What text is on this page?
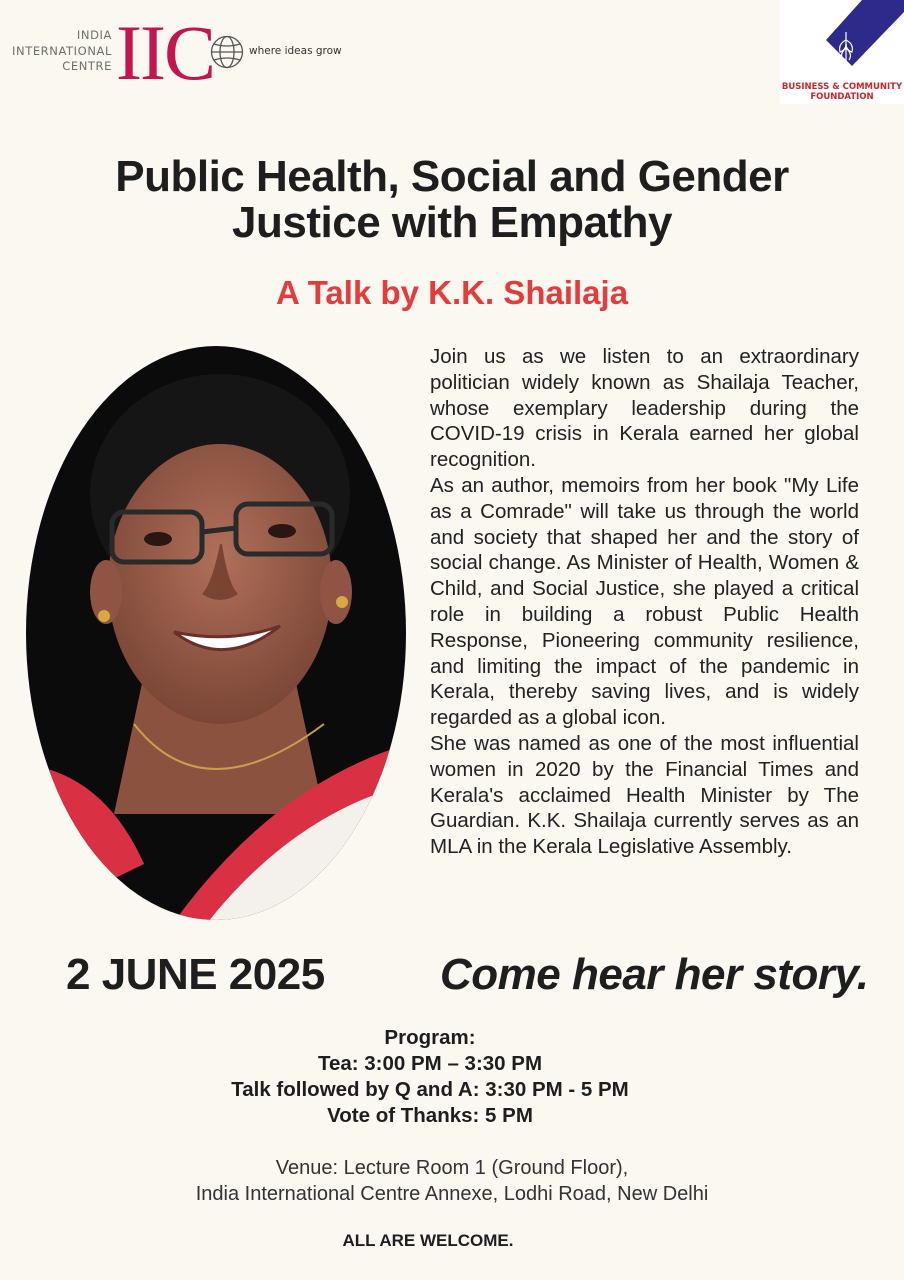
INDIA
INTERNATIONAL
CENTRE IIC	where ideas grow
BUSINESS & COMMUNITY
FOUNDATION
Public Health, Social and Gender
Justice with Empathy
A Talk by K.K. Shailaja

Join us as we listen to an extraordinary politician widely known as Shailaja Teacher, whose exemplary leadership during the COVID-19 crisis in Kerala earned her global recognition.

As an author, memoirs from her book "My Life as a Comrade" will take us through the world and society that shaped her and the story of social change. As Minister of Health, Women & Child, and Social Justice, she played a critical role in building a robust Public Health Response, Pioneering community resilience, and limiting the impact of the pandemic in Kerala, thereby saving lives, and is widely regarded as a global icon.

She was named as one of the most influential women in 2020 by the Financial Times and Kerala's acclaimed Health Minister by The Guardian. K.K. Shailaja currently serves as an MLA in the Kerala Legislative Assembly.

2 JUNE 2025	Come hear her story.
Program:
Tea: 3:00 PM – 3:30 PM
Talk followed by Q and A: 3:30 PM - 5 PM
Vote of Thanks: 5 PM
Venue: Lecture Room 1 (Ground Floor),
India International Centre Annexe, Lodhi Road, New Delhi
ALL ARE WELCOME.
